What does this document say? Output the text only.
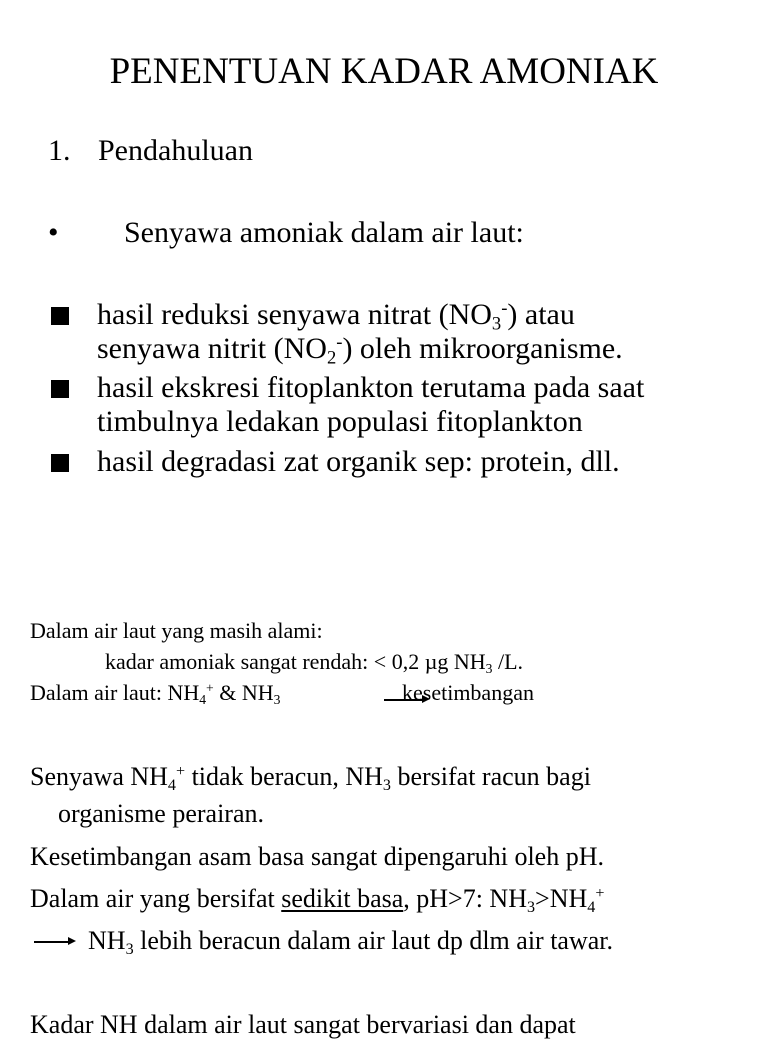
PENENTUAN KADAR AMONIAK
1. Pendahuluan
• Senyawa amoniak dalam air laut:
hasil reduksi senyawa nitrat $(NO_3^-)$ atau
senyawa nitrit $(NO_2^-)$ oleh mikroorganisme.
hasil ekskresi fitoplankton terutama pada saat
timbulnya ledakan populasi fitoplankton
hasil degradasi zat organik sep: protein, dll.
Dalam air laut yang masih alami:
kadar amoniak sangat rendah: < 0,2 µg $NH_3$ /L.
Dalam air laut: $NH_4^+$ & $NH_3$	kesetimbangan
Senyawa $NH_4^+$ tidak beracun, $NH_3$ bersifat racun bagi
organisme perairan.
Kesetimbangan asam basa sangat dipengaruhi oleh pH.
Dalam air yang bersifat sedikit basa, pH>7: $NH_3>NH_4^+$
$NH_3$ lebih beracun dalam air laut dp dlm air tawar.
Kadar NH dalam air laut sangat bervariasi dan dapat
